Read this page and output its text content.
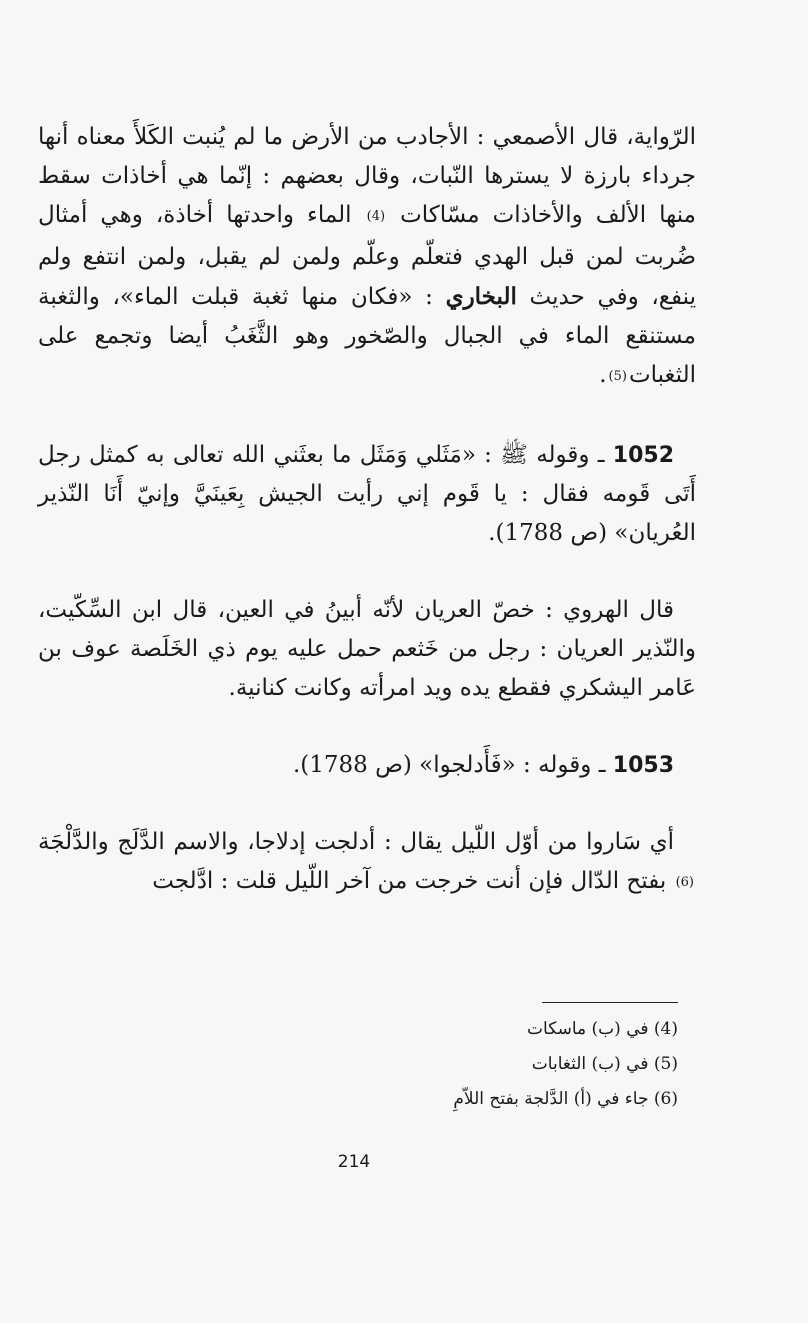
الرّواية، قال الأصمعي : الأجادب من الأرض ما لم يُنبت الكَلأَ معناه أنها جرداء بارزة لا يسترها النّبات، وقال بعضهم : إنّما هي أخاذات سقط منها الألف والأخاذات مسّاكات $^{(4)}$ الماء واحدتها أخاذة، وهي أمثال ضُربت لمن قبل الهدي فتعلّم وعلّم ولمن لم يقبل، ولمن انتفع ولم ينفع، وفي حديث البخاري : «فكان منها ثغبة قبلت الماء»، والثغبة مستنقع الماء في الجبال والصّخور وهو الثَّغَبُ أيضا وتجمع على الثغبات$^{(5)}$.

1052 ـ وقوله ﷺ : «مَثَلي وَمَثَل ما بعثَني الله تعالى به كمثل رجل أَتَى قَومه فقال : يا قَوم إني رأيت الجيش بِعَينَيَّ وإنيّ أَنَا النّذير العُريان» (ص 1788).

قال الهروي : خصّ العريان لأنّه أبينُ في العين، قال ابن السِّكّيت، والنّذير العريان : رجل من خَثعم حمل عليه يوم ذي الخَلَصة عوف بن عَامر اليشكري فقطع يده ويد امرأته وكانت كنانية.

1053 ـ وقوله : «فَأَدلجوا» (ص 1788).

أي سَاروا من أوّل اللّيل يقال : أدلجت إدلاجا، والاسم الدَّلَج والدَّلْجَة $^{(6)}$ بفتح الدّال فإن أنت خرجت من آخر اللّيل قلت : ادَّلجت

(4) في (ب) ماسكات
(5) في (ب) الثغابات
(6) جاء في (أ) الدَّلجة بفتح اللاّمِ
214
